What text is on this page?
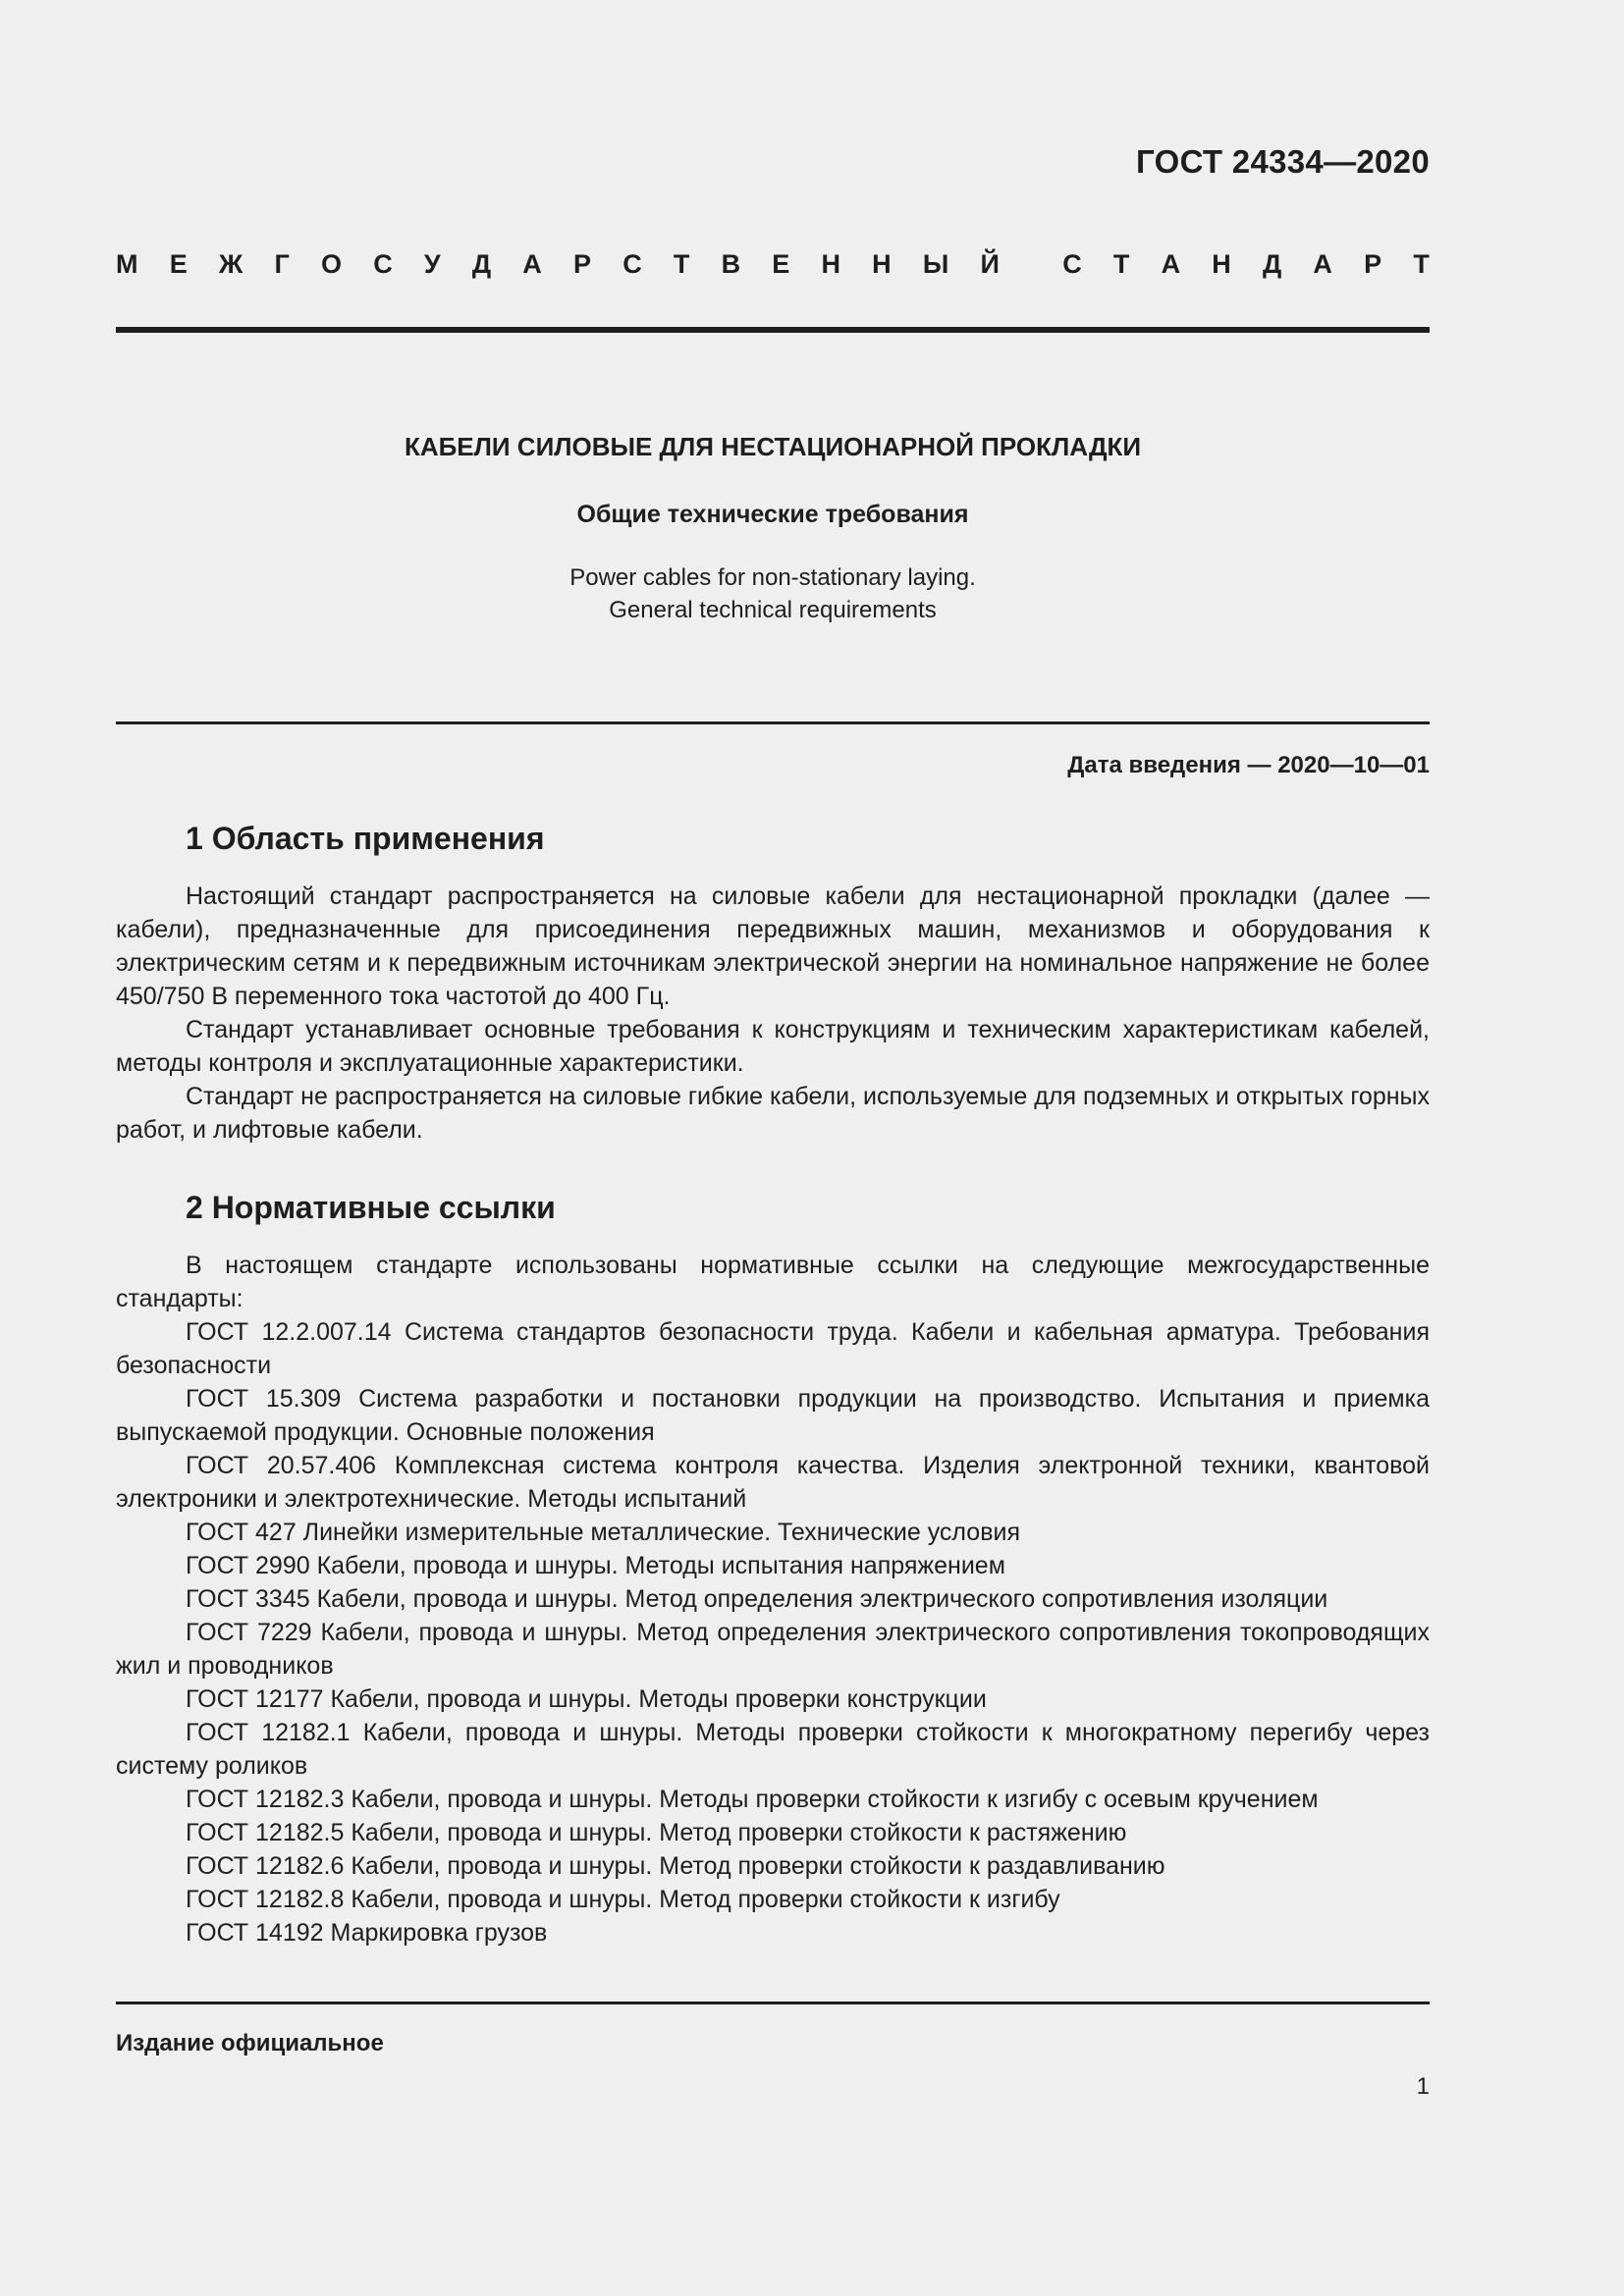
ГОСТ 24334—2020
М Е Ж Г О С У Д А Р С Т В Е Н Н Ы Й С Т А Н Д А Р Т
КАБЕЛИ СИЛОВЫЕ ДЛЯ НЕСТАЦИОНАРНОЙ ПРОКЛАДКИ
Общие технические требования
Power cables for non-stationary laying.
General technical requirements
Дата введения — 2020—10—01
1 Область применения

Настоящий стандарт распространяется на силовые кабели для нестационарной прокладки (далее — кабели), предназначенные для присоединения передвижных машин, механизмов и оборудования к электрическим сетям и к передвижным источникам электрической энергии на номинальное напряжение не более 450/750 В переменного тока частотой до 400 Гц.

Стандарт устанавливает основные требования к конструкциям и техническим характеристикам кабелей, методы контроля и эксплуатационные характеристики.

Стандарт не распространяется на силовые гибкие кабели, используемые для подземных и открытых горных работ, и лифтовые кабели.

2 Нормативные ссылки

В настоящем стандарте использованы нормативные ссылки на следующие межгосударственные стандарты:

ГОСТ 12.2.007.14 Система стандартов безопасности труда. Кабели и кабельная арматура. Требования безопасности

ГОСТ 15.309 Система разработки и постановки продукции на производство. Испытания и приемка выпускаемой продукции. Основные положения

ГОСТ 20.57.406 Комплексная система контроля качества. Изделия электронной техники, квантовой электроники и электротехнические. Методы испытаний

ГОСТ 427 Линейки измерительные металлические. Технические условия

ГОСТ 2990 Кабели, провода и шнуры. Методы испытания напряжением

ГОСТ 3345 Кабели, провода и шнуры. Метод определения электрического сопротивления изоляции

ГОСТ 7229 Кабели, провода и шнуры. Метод определения электрического сопротивления токопроводящих жил и проводников

ГОСТ 12177 Кабели, провода и шнуры. Методы проверки конструкции

ГОСТ 12182.1 Кабели, провода и шнуры. Методы проверки стойкости к многократному перегибу через систему роликов

ГОСТ 12182.3 Кабели, провода и шнуры. Методы проверки стойкости к изгибу с осевым кручением

ГОСТ 12182.5 Кабели, провода и шнуры. Метод проверки стойкости к растяжению

ГОСТ 12182.6 Кабели, провода и шнуры. Метод проверки стойкости к раздавливанию

ГОСТ 12182.8 Кабели, провода и шнуры. Метод проверки стойкости к изгибу

ГОСТ 14192 Маркировка грузов

Издание официальное
1
